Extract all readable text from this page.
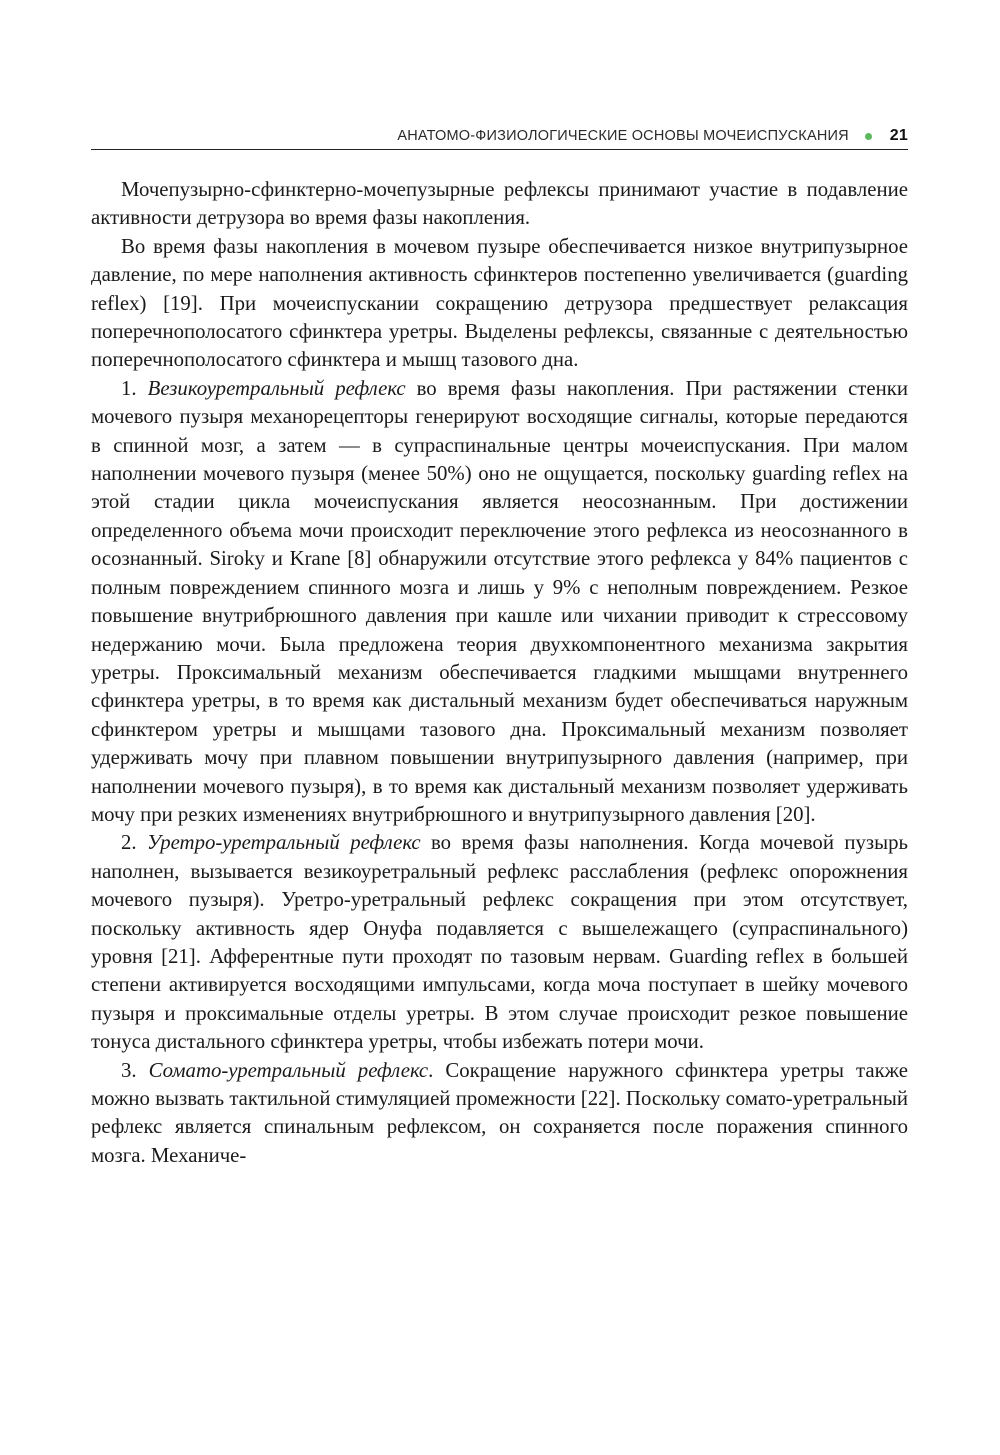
АНАТОМО-ФИЗИОЛОГИЧЕСКИЕ ОСНОВЫ МОЧЕИСПУСКАНИЯ	21

Мочепузырно-сфинктерно-мочепузырные рефлексы принимают участие в подавление активности детрузора во время фазы накопления.

Во время фазы накопления в мочевом пузыре обеспечивается низкое внутрипузырное давление, по мере наполнения активность сфинктеров постепенно увеличивается (guarding reflex) [19]. При мочеиспускании сокращению детрузора предшествует релаксация поперечнополосатого сфинктера уретры. Выделены рефлексы, связанные с деятельностью поперечнополосатого сфинктера и мышц тазового дна.

1. Везикоуретральный рефлекс во время фазы накопления. При растяжении стенки мочевого пузыря механорецепторы генерируют восходящие сигналы, которые передаются в спинной мозг, а затем — в супраспинальные центры мочеиспускания. При малом наполнении мочевого пузыря (менее 50%) оно не ощущается, поскольку guarding reflex на этой стадии цикла мочеиспускания является неосознанным. При достижении определенного объема мочи происходит переключение этого рефлекса из неосознанного в осознанный. Siroky и Krane [8] обнаружили отсутствие этого рефлекса у 84% пациентов с полным повреждением спинного мозга и лишь у 9% с неполным повреждением. Резкое повышение внутрибрюшного давления при кашле или чихании приводит к стрессовому недержанию мочи. Была предложена теория двухкомпонентного механизма закрытия уретры. Проксимальный механизм обеспечивается гладкими мышцами внутреннего сфинктера уретры, в то время как дистальный механизм будет обеспечиваться наружным сфинктером уретры и мышцами тазового дна. Проксимальный механизм позволяет удерживать мочу при плавном повышении внутрипузырного давления (например, при наполнении мочевого пузыря), в то время как дистальный механизм позволяет удерживать мочу при резких изменениях внутрибрюшного и внутрипузырного давления [20].

2. Уретро-уретральный рефлекс во время фазы наполнения. Когда мочевой пузырь наполнен, вызывается везикоуретральный рефлекс расслабления (рефлекс опорожнения мочевого пузыря). Уретро-уретральный рефлекс сокращения при этом отсутствует, поскольку активность ядер Онуфа подавляется с вышележащего (супраспинального) уровня [21]. Афферентные пути проходят по тазовым нервам. Guarding reflex в большей степени активируется восходящими импульсами, когда моча поступает в шейку мочевого пузыря и проксимальные отделы уретры. В этом случае происходит резкое повышение тонуса дистального сфинктера уретры, чтобы избежать потери мочи.

3. Сомато-уретральный рефлекс. Сокращение наружного сфинктера уретры также можно вызвать тактильной стимуляцией промежности [22]. Поскольку сомато-уретральный рефлекс является спинальным рефлексом, он сохраняется после поражения спинного мозга. Механиче-
